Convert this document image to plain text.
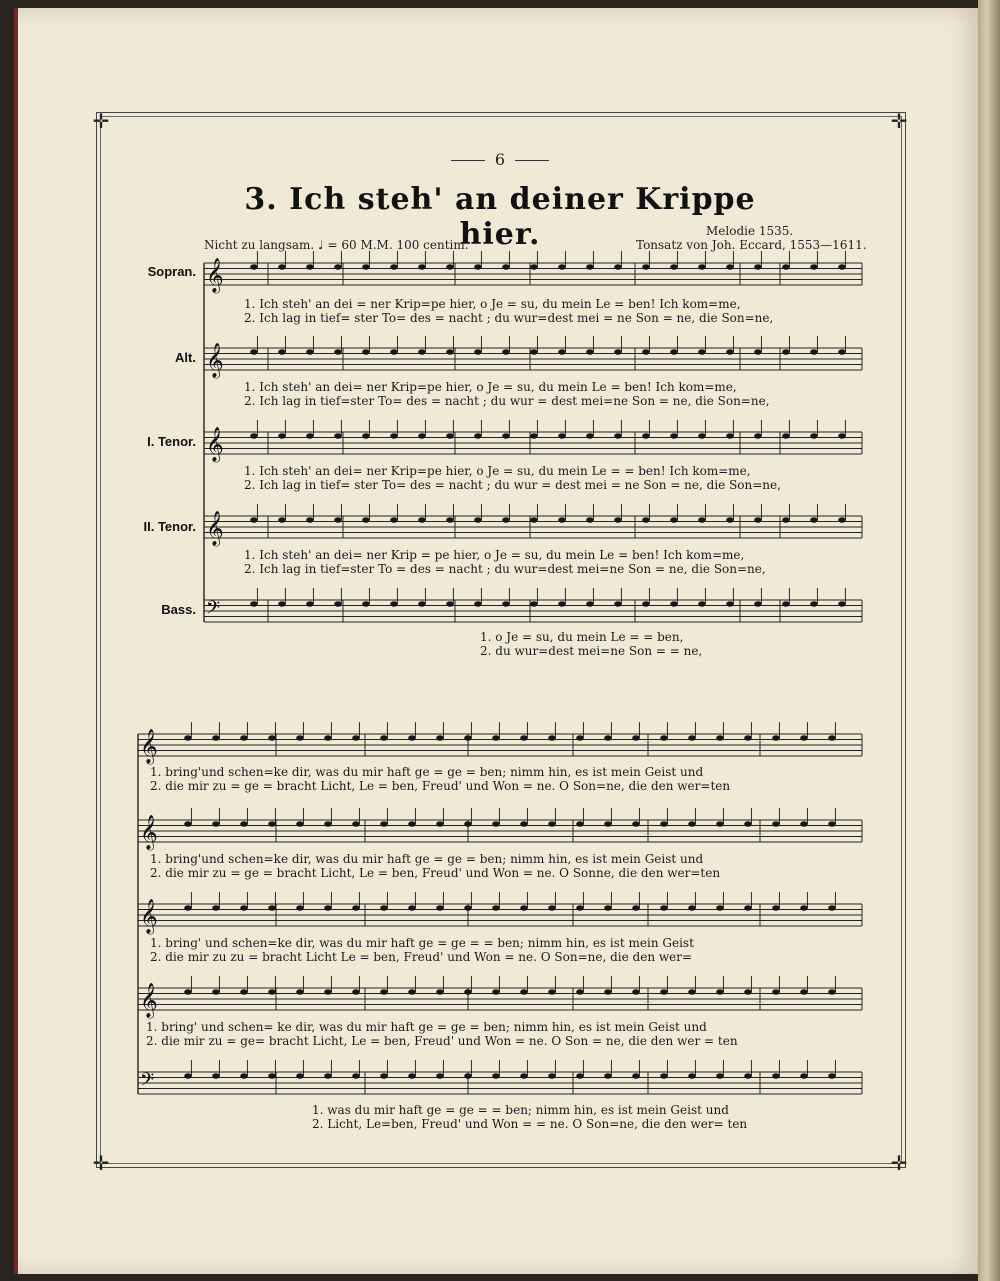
✛	✛
✛	✛
6
3. Ich steh' an deiner Krippe hier.	Melodie 1535.
Nicht zu langsam. ♩ = 60 M.M. 100 centim.	Tonsatz von Joh. Eccard, 1553—1611.
𝄞
𝄞
𝄞
𝄞
𝄢
𝄞
𝄞
𝄞
𝄞
𝄢
Sopran.
Alt.
I. Tenor.
II. Tenor.
Bass.
1. Ich steh' an dei = ner Krip=pe hier, o Je = su, du mein Le = ben! Ich kom=me,
2. Ich lag in tief= ster To= des = nacht ; du wur=dest mei = ne Son = ne, die Son=ne,
1. Ich steh' an dei= ner Krip=pe hier, o Je = su, du mein Le = ben! Ich kom=me,
2. Ich lag in tief=ster To= des = nacht ; du wur = dest mei=ne Son = ne, die Son=ne,
1. Ich steh' an dei= ner Krip=pe hier, o Je = su, du mein Le = = ben! Ich kom=me,
2. Ich lag in tief= ster To= des = nacht ; du wur = dest mei = ne Son = ne, die Son=ne,
1. Ich steh' an dei= ner Krip = pe hier, o Je = su, du mein Le = ben! Ich kom=me,
2. Ich lag in tief=ster To = des = nacht ; du wur=dest mei=ne Son = ne, die Son=ne,
1. o Je = su, du mein Le = = ben,
2. du wur=dest mei=ne Son = = ne,
1. bring'und schen=ke dir, was du mir haft ge = ge = ben; nimm hin, es ist mein Geist und
2. die mir zu = ge = bracht Licht, Le = ben, Freud' und Won = ne. O Son=ne, die den wer=ten
1. bring'und schen=ke dir, was du mir haft ge = ge = ben; nimm hin, es ist mein Geist und
2. die mir zu = ge = bracht Licht, Le = ben, Freud' und Won = ne. O Sonne, die den wer=ten
1. bring' und schen=ke dir, was du mir haft ge = ge = = ben; nimm hin, es ist mein Geist
2. die mir zu zu = bracht Licht Le = ben, Freud' und Won = ne. O Son=ne, die den wer=
1. bring' und schen= ke dir, was du mir haft ge = ge = ben; nimm hin, es ist mein Geist und
2. die mir zu = ge= bracht Licht, Le = ben, Freud' und Won = ne. O Son = ne, die den wer = ten
1. was du mir haft ge = ge = = ben; nimm hin, es ist mein Geist und
2. Licht, Le=ben, Freud' und Won = = ne. O Son=ne, die den wer= ten
